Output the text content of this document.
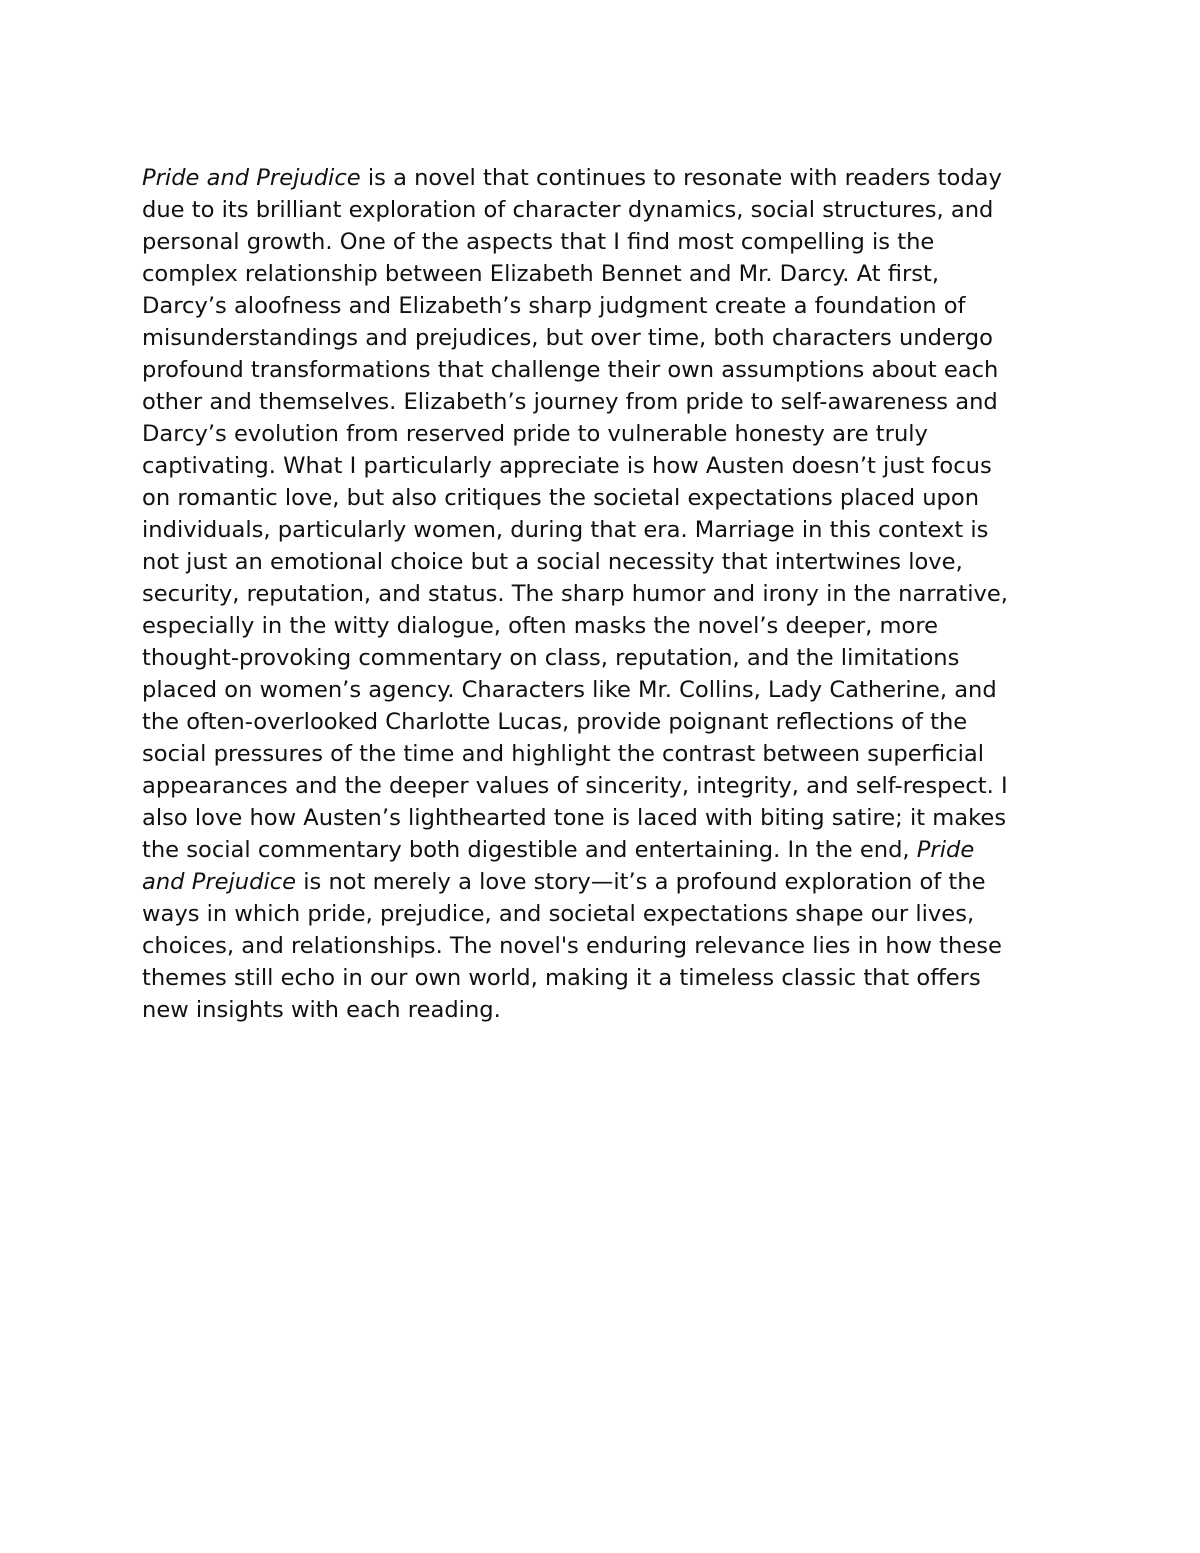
Pride and Prejudice is a novel that continues to resonate with readers today
due to its brilliant exploration of character dynamics, social structures, and
personal growth. One of the aspects that I find most compelling is the
complex relationship between Elizabeth Bennet and Mr. Darcy. At first,
Darcy’s aloofness and Elizabeth’s sharp judgment create a foundation of
misunderstandings and prejudices, but over time, both characters undergo
profound transformations that challenge their own assumptions about each
other and themselves. Elizabeth’s journey from pride to self-awareness and
Darcy’s evolution from reserved pride to vulnerable honesty are truly
captivating. What I particularly appreciate is how Austen doesn’t just focus
on romantic love, but also critiques the societal expectations placed upon
individuals, particularly women, during that era. Marriage in this context is
not just an emotional choice but a social necessity that intertwines love,
security, reputation, and status. The sharp humor and irony in the narrative,
especially in the witty dialogue, often masks the novel’s deeper, more
thought-provoking commentary on class, reputation, and the limitations
placed on women’s agency. Characters like Mr. Collins, Lady Catherine, and
the often-overlooked Charlotte Lucas, provide poignant reflections of the
social pressures of the time and highlight the contrast between superficial
appearances and the deeper values of sincerity, integrity, and self-respect. I
also love how Austen’s lighthearted tone is laced with biting satire; it makes
the social commentary both digestible and entertaining. In the end, Pride
and Prejudice is not merely a love story—it’s a profound exploration of the
ways in which pride, prejudice, and societal expectations shape our lives,
choices, and relationships. The novel's enduring relevance lies in how these
themes still echo in our own world, making it a timeless classic that offers
new insights with each reading.
